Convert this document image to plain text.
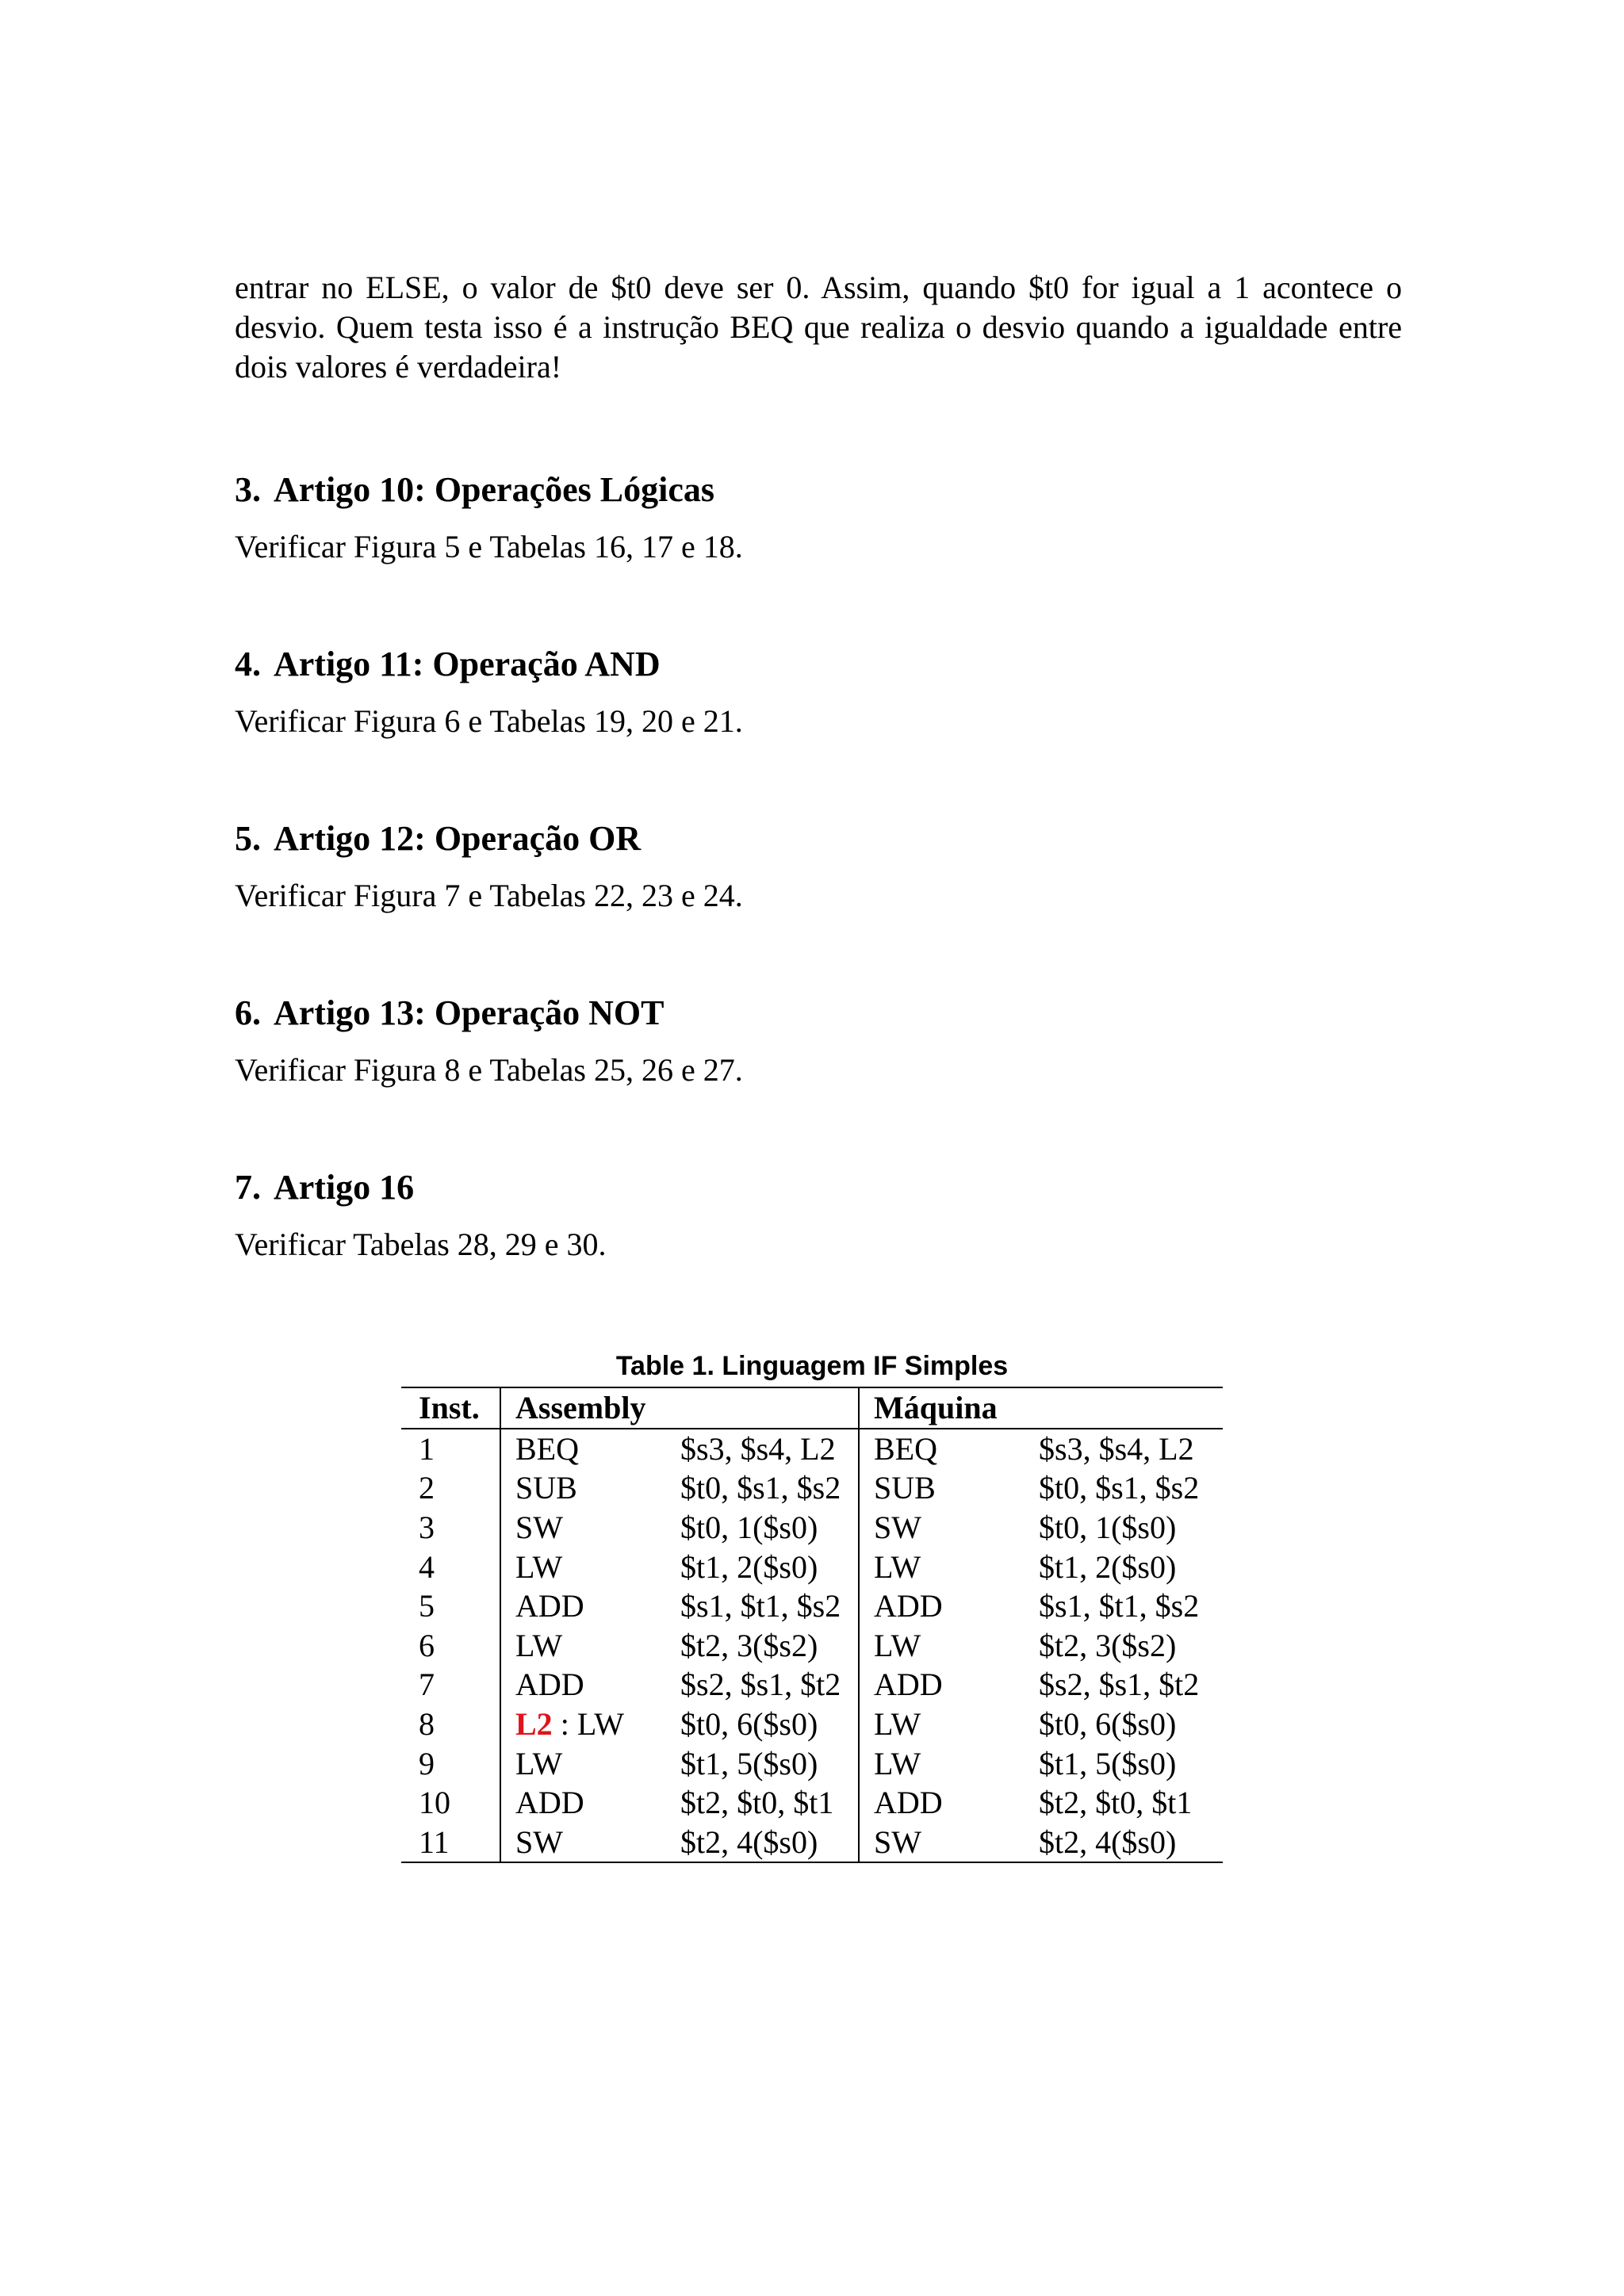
entrar no ELSE, o valor de $t0 deve ser 0. Assim, quando $t0 for igual a 1 acontece o
desvio. Quem testa isso é a instrução BEQ que realiza o desvio quando a igualdade entre
dois valores é verdadeira!
3. Artigo 10: Operações Lógicas

Verificar Figura 5 e Tabelas 16, 17 e 18.

4. Artigo 11: Operação AND

Verificar Figura 6 e Tabelas 19, 20 e 21.

5. Artigo 12: Operação OR

Verificar Figura 7 e Tabelas 22, 23 e 24.

6. Artigo 13: Operação NOT

Verificar Figura 8 e Tabelas 25, 26 e 27.

7. Artigo 16

Verificar Tabelas 28, 29 e 30.

Table 1. Linguagem IF Simples
Inst.	Assembly		Máquina	
1	BEQ	$s3, $s4, L2	BEQ	$s3, $s4, L2
2	SUB	$t0, $s1, $s2	SUB	$t0, $s1, $s2
3	SW	$t0, 1($s0)	SW	$t0, 1($s0)
4	LW	$t1, 2($s0)	LW	$t1, 2($s0)
5	ADD	$s1, $t1, $s2	ADD	$s1, $t1, $s2
6	LW	$t2, 3($s2)	LW	$t2, 3($s2)
7	ADD	$s2, $s1, $t2	ADD	$s2, $s1, $t2
8	L2 : LW	$t0, 6($s0)	LW	$t0, 6($s0)
9	LW	$t1, 5($s0)	LW	$t1, 5($s0)
10	ADD	$t2, $t0, $t1	ADD	$t2, $t0, $t1
11	SW	$t2, 4($s0)	SW	$t2, 4($s0)
